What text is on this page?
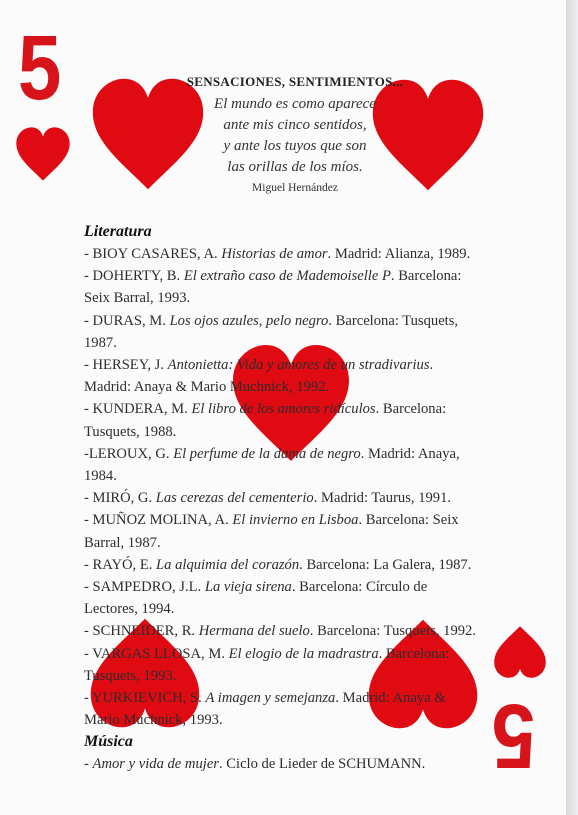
5
5
SENSACIONES, SENTIMIENTOS...
El mundo es como aparece
ante mis cinco sentidos,
y ante los tuyos que son
las orillas de los míos.
Miguel Hernández
Literatura

- BIOY CASARES, A. Historias de amor. Madrid: Alianza, 1989.

- DOHERTY, B. El extraño caso de Mademoiselle P. Barcelona: Seix Barral, 1993.

- DURAS, M. Los ojos azules, pelo negro. Barcelona: Tusquets, 1987.

- HERSEY, J. Antonietta: Vida y amores de un stradivarius. Madrid: Anaya & Mario Muchnick, 1992.

- KUNDERA, M. El libro de los amores ridículos. Barcelona: Tusquets, 1988.

-LEROUX, G. El perfume de la dama de negro. Madrid: Anaya, 1984.

- MIRÓ, G. Las cerezas del cementerio. Madrid: Taurus, 1991.

- MUÑOZ MOLINA, A. El invierno en Lisboa. Barcelona: Seix Barral, 1987.

- RAYÓ, E. La alquimia del corazón. Barcelona: La Galera, 1987.

- SAMPEDRO, J.L. La vieja sirena. Barcelona: Círculo de Lectores, 1994.

- SCHNEIDER, R. Hermana del suelo. Barcelona: Tusquets, 1992.

- VARGAS LLOSA, M. El elogio de la madrastra. Barcelona: Tusquets, 1993.

- YURKIEVICH, S. A imagen y semejanza. Madrid: Anaya & Mario Muchnick, 1993.

Música

- Amor y vida de mujer. Ciclo de Lieder de SCHUMANN.
